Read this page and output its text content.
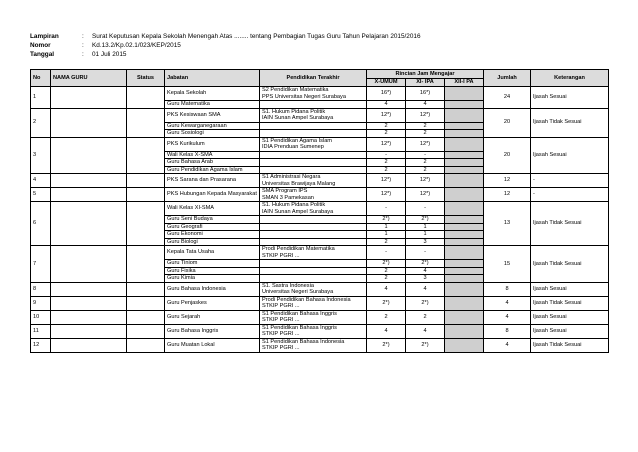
Lampiran	:	Surat Keputusan Kepala Sekolah Menengah Atas ........ tentang Pembagian Tugas Guru Tahun Pelajaran 2015/2016
Nomor	:	Kd.13.2/Kp.02.1/023/KEP/2015
Tanggal	:	01 Juli 2015
No	NAMA GURU	Status	Jabatan	Pendidikan Terakhir	Rincian Jam Mengajar			Jumlah	Keterangan
					X-UMUM	XI- IPA	XII-I PA		
1			Kepala Sekolah	S2 Pendidikan Matematika
PPS Universitas Negeri Surabaya	16*)	16*)		24	Ijasah Sesuai
			Guru Matematika		4	4			
2			PKS Kesiswaan SMA	S1. Hukum Pidana Politik
IAIN Sunan Ampel Surabaya	12*)	12*)		20	Ijasah Tidak Sesuai
			Guru Kewarganegaraan		2	2			
			Guru Sosiologi		2	2			
3			PKS Kurikulum	S1 Pendidikan Agama Islam
IDIA Prenduan Sumenep	12*)	12*)		20	Ijasah Sesuai
			Wali Kelas X-SMA		-	-			
			Guru Bahasa Arab		2	2			
			Guru Pendidikan Agama Islam		2	2			
4			PKS Sarana dan Prasarana	S1 Administrasi Negara
Universitas Brawijaya Malang	12*)	12*)		12	-
5			PKS Hubungan Kepada Masyarakat	SMA Program IPS
SMAN 3 Pamekasan	12*)	12*)		12	-
6			Wali Kelas XI-SMA	S1. Hukum Pidana Politik
IAIN Sunan Ampel Surabaya	-	-		13	Ijasah Tidak Sesuai
			Guru Seni Budaya		2*)	2*)			
			Guru Geografi		1	1			
			Guru Ekonomi		1	1			
			Guru Biologi		2	3			
7			Kepala Tata Usaha	Prodi Pendidikan Matematika
STKIP PGRI ...	-	-		15	Ijasah Tidak Sesuai
			Guru Tiniom		2*)	2*)			
			Guru Fisika		2	4			
			Guru Kimia		2	3			
8			Guru Bahasa Indonesia	S1. Sastra Indonesia
Universitas Negeri Surabaya	4	4		8	Ijasah Sesuai
9			Guru Penjaskes	Prodi Pendidikan Bahasa Indonesia
STKIP PGRI ...	2*)	2*)		4	Ijasah Tidak Sesuai
10			Guru Sejarah	S1 Pendidikan Bahasa Inggris
STKIP PGRI ...	2	2		4	Ijasah Sesuai
11			Guru Bahasa Inggris	S1 Pendidikan Bahasa Inggris
STKIP PGRI ...	4	4		8	Ijasah Sesuai
12			Guru Muatan Lokal	S1 Pendidikan Bahasa Indonesia
STKIP PGRI ...	2*)	2*)		4	Ijasah Tidak Sesuai
